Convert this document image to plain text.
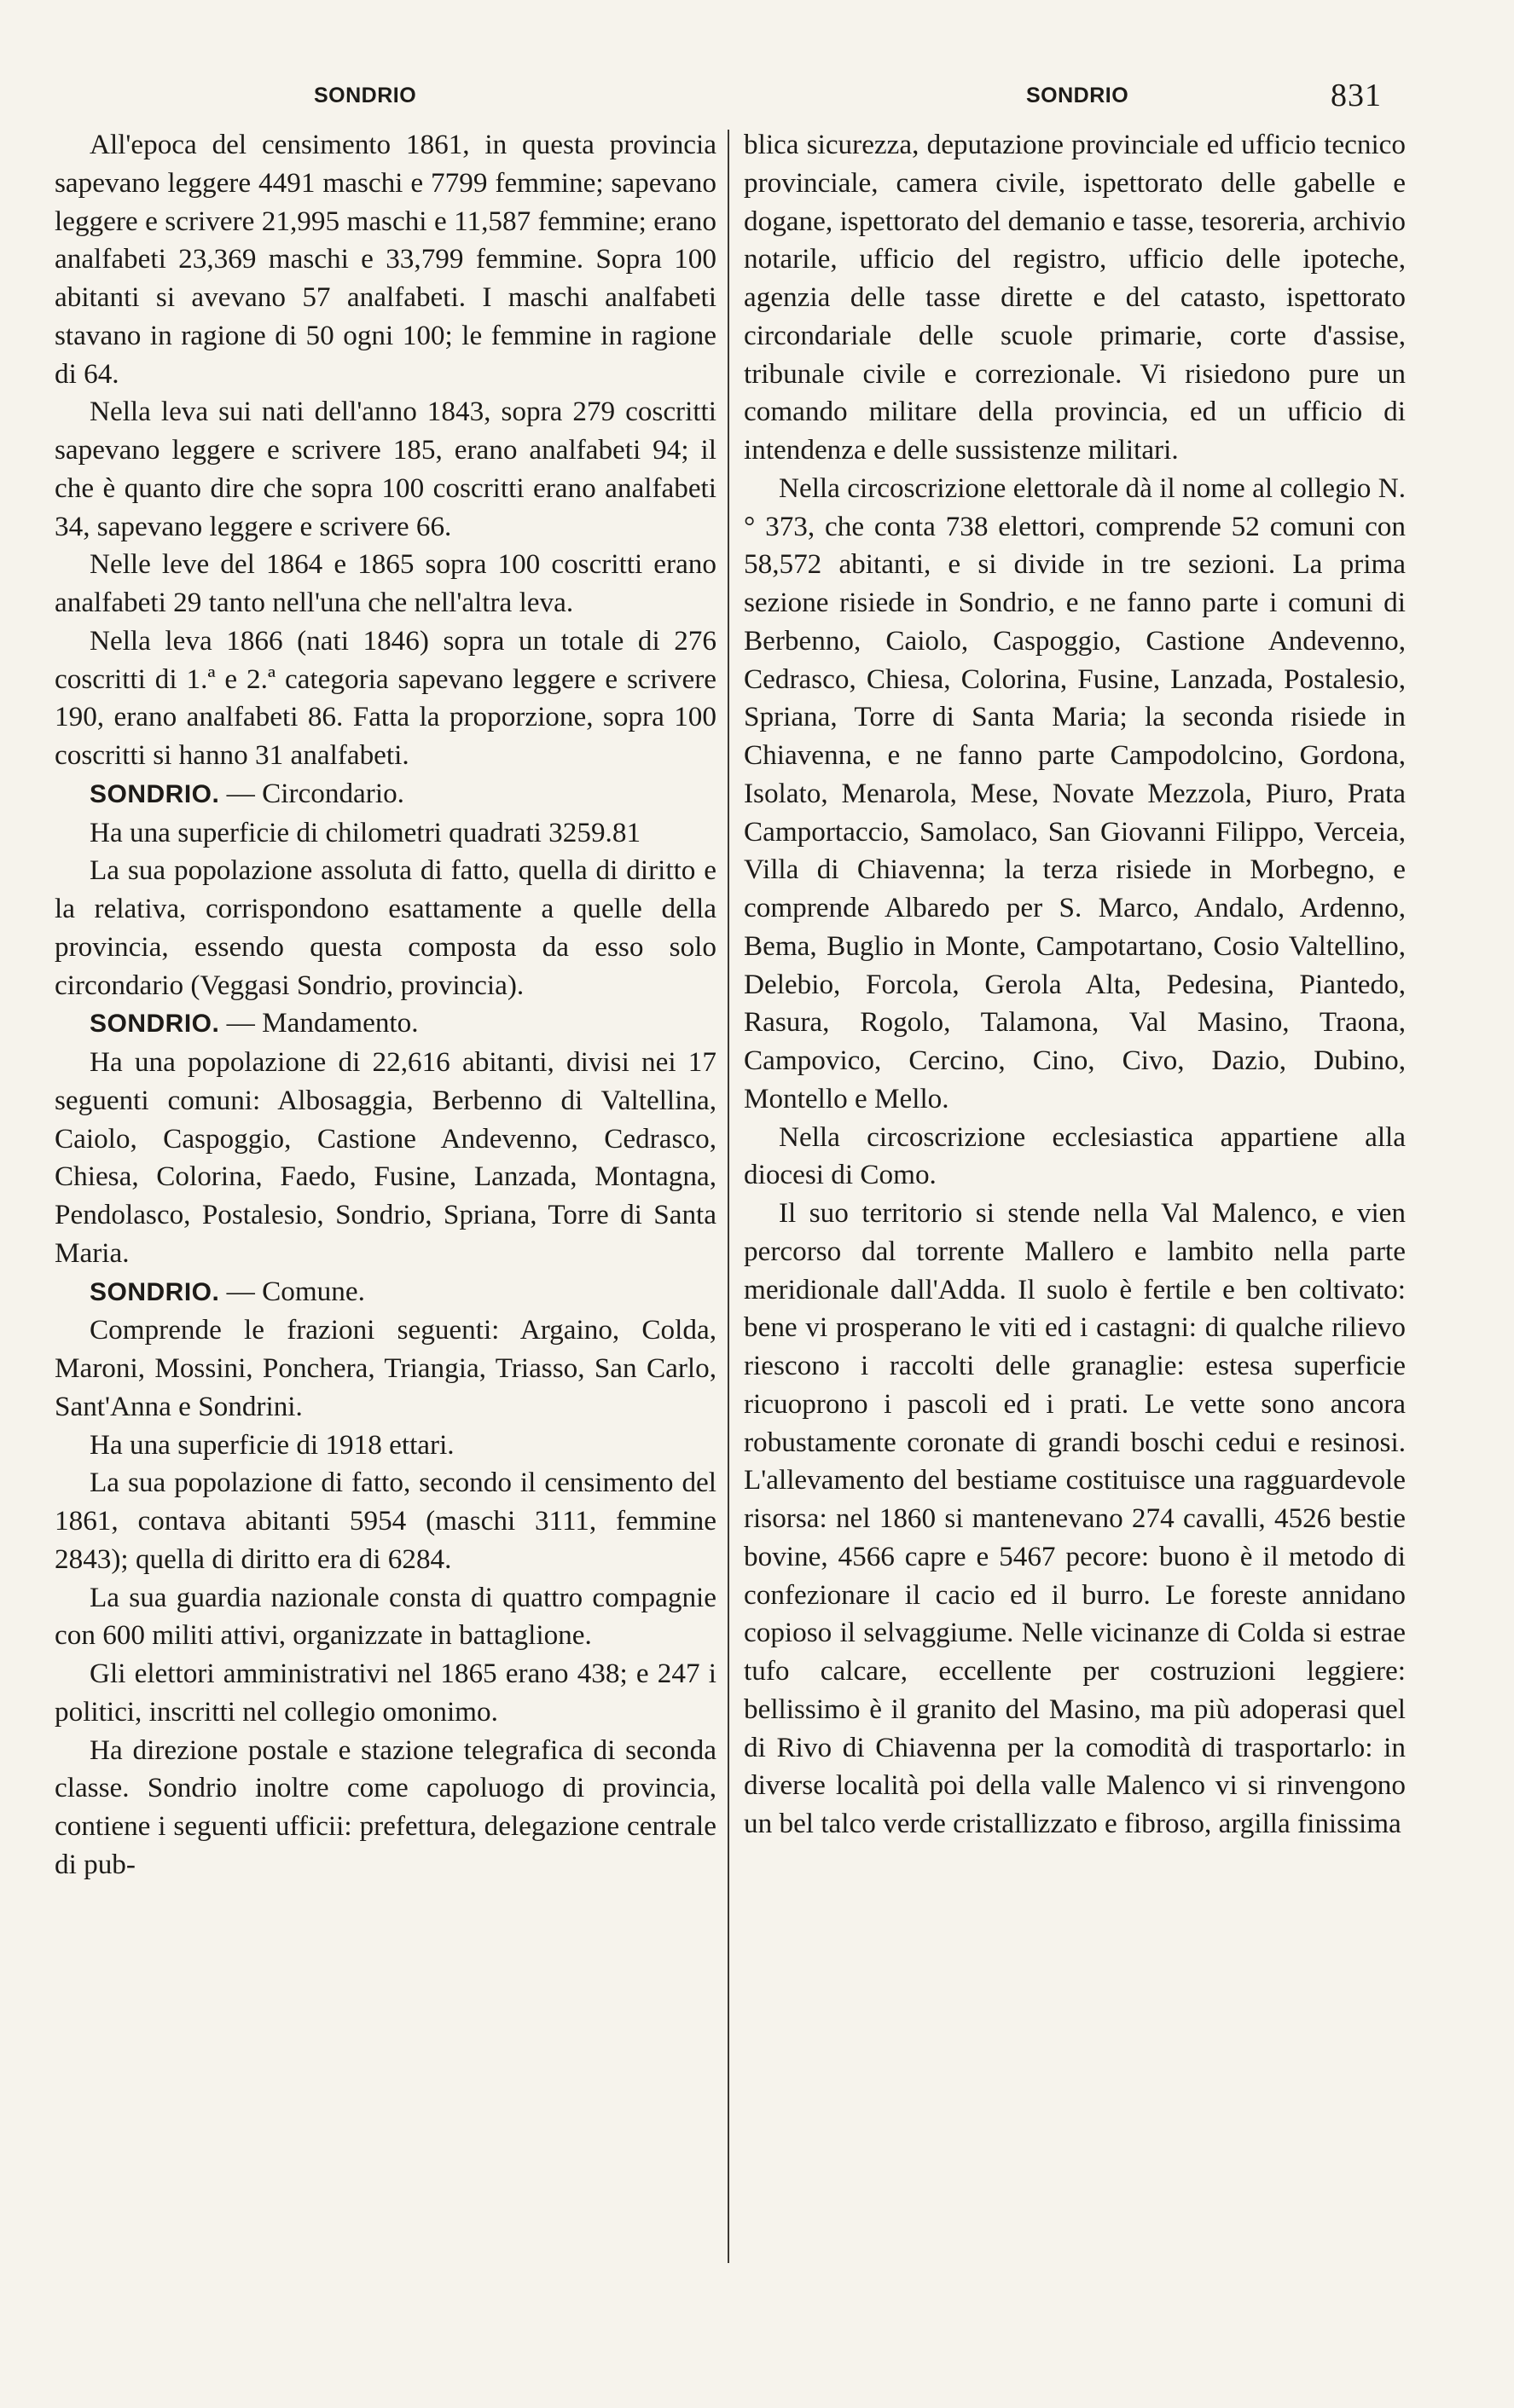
SONDRIO	SONDRIO	831

All'epoca del censimento 1861, in questa provincia sapevano leggere 4491 maschi e 7799 femmine; sapevano leggere e scrivere 21,995 maschi e 11,587 femmine; erano analfabeti 23,369 maschi e 33,799 femmine. Sopra 100 abitanti si avevano 57 analfabeti. I maschi analfabeti stavano in ragione di 50 ogni 100; le femmine in ragione di 64.

Nella leva sui nati dell'anno 1843, sopra 279 coscritti sapevano leggere e scrivere 185, erano analfabeti 94; il che è quanto dire che sopra 100 coscritti erano analfabeti 34, sapevano leggere e scrivere 66.

Nelle leve del 1864 e 1865 sopra 100 coscritti erano analfabeti 29 tanto nell'una che nell'altra leva.

Nella leva 1866 (nati 1846) sopra un totale di 276 coscritti di 1.ª e 2.ª categoria sapevano leggere e scrivere 190, erano analfabeti 86. Fatta la proporzione, sopra 100 coscritti si hanno 31 analfabeti.

SONDRIO. — Circondario.

Ha una superficie di chilometri quadrati 3259.81

La sua popolazione assoluta di fatto, quella di diritto e la relativa, corrispondono esattamente a quelle della provincia, essendo questa composta da esso solo circondario (Veggasi Sondrio, provincia).

SONDRIO. — Mandamento.

Ha una popolazione di 22,616 abitanti, divisi nei 17 seguenti comuni: Albosaggia, Berbenno di Valtellina, Caiolo, Caspoggio, Castione Andevenno, Cedrasco, Chiesa, Colorina, Faedo, Fusine, Lanzada, Montagna, Pendolasco, Postalesio, Sondrio, Spriana, Torre di Santa Maria.

SONDRIO. — Comune.

Comprende le frazioni seguenti: Argaino, Colda, Maroni, Mossini, Ponchera, Triangia, Triasso, San Carlo, Sant'Anna e Sondrini.

Ha una superficie di 1918 ettari.

La sua popolazione di fatto, secondo il censimento del 1861, contava abitanti 5954 (maschi 3111, femmine 2843); quella di diritto era di 6284.

La sua guardia nazionale consta di quattro compagnie con 600 militi attivi, organizzate in battaglione.

Gli elettori amministrativi nel 1865 erano 438; e 247 i politici, inscritti nel collegio omonimo.

Ha direzione postale e stazione telegrafica di seconda classe. Sondrio inoltre come capoluogo di provincia, contiene i seguenti ufficii: prefettura, delegazione centrale di pub-

blica sicurezza, deputazione provinciale ed ufficio tecnico provinciale, camera civile, ispettorato delle gabelle e dogane, ispettorato del demanio e tasse, tesoreria, archivio notarile, ufficio del registro, ufficio delle ipoteche, agenzia delle tasse dirette e del catasto, ispettorato circondariale delle scuole primarie, corte d'assise, tribunale civile e correzionale. Vi risiedono pure un comando militare della provincia, ed un ufficio di intendenza e delle sussistenze militari.

Nella circoscrizione elettorale dà il nome al collegio N.° 373, che conta 738 elettori, comprende 52 comuni con 58,572 abitanti, e si divide in tre sezioni. La prima sezione risiede in Sondrio, e ne fanno parte i comuni di Berbenno, Caiolo, Caspoggio, Castione Andevenno, Cedrasco, Chiesa, Colorina, Fusine, Lanzada, Postalesio, Spriana, Torre di Santa Maria; la seconda risiede in Chiavenna, e ne fanno parte Campodolcino, Gordona, Isolato, Menarola, Mese, Novate Mezzola, Piuro, Prata Camportaccio, Samolaco, San Giovanni Filippo, Verceia, Villa di Chiavenna; la terza risiede in Morbegno, e comprende Albaredo per S. Marco, Andalo, Ardenno, Bema, Buglio in Monte, Campotartano, Cosio Valtellino, Delebio, Forcola, Gerola Alta, Pedesina, Piantedo, Rasura, Rogolo, Talamona, Val Masino, Traona, Campovico, Cercino, Cino, Civo, Dazio, Dubino, Montello e Mello.

Nella circoscrizione ecclesiastica appartiene alla diocesi di Como.

Il suo territorio si stende nella Val Malenco, e vien percorso dal torrente Mallero e lambito nella parte meridionale dall'Adda. Il suolo è fertile e ben coltivato: bene vi prosperano le viti ed i castagni: di qualche rilievo riescono i raccolti delle granaglie: estesa superficie ricuoprono i pascoli ed i prati. Le vette sono ancora robustamente coronate di grandi boschi cedui e resinosi. L'allevamento del bestiame costituisce una ragguardevole risorsa: nel 1860 si mantenevano 274 cavalli, 4526 bestie bovine, 4566 capre e 5467 pecore: buono è il metodo di confezionare il cacio ed il burro. Le foreste annidano copioso il selvaggiume. Nelle vicinanze di Colda si estrae tufo calcare, eccellente per costruzioni leggiere: bellissimo è il granito del Masino, ma più adoperasi quel di Rivo di Chiavenna per la comodità di trasportarlo: in diverse località poi della valle Malenco vi si rinvengono un bel talco verde cristallizzato e fibroso, argilla finissima
